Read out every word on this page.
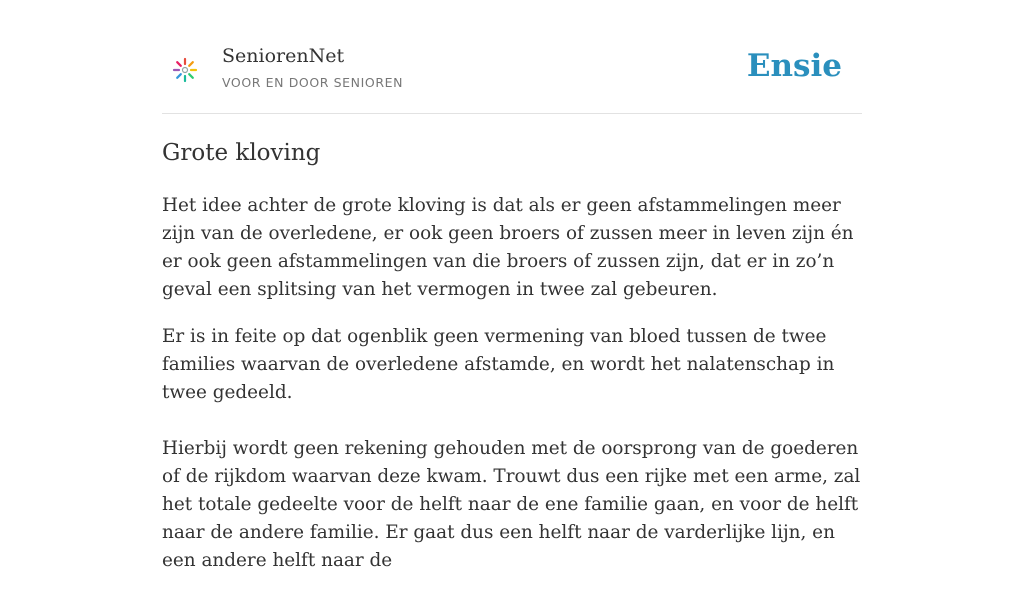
SeniorenNet
VOOR EN DOOR SENIOREN	Ensie
Grote kloving

Het idee achter de grote kloving is dat als er geen afstammelingen meer zijn van de overledene, er ook geen broers of zussen meer in leven zijn én er ook geen afstammelingen van die broers of zussen zijn, dat er in zo’n geval een splitsing van het vermogen in twee zal gebeuren.

Er is in feite op dat ogenblik geen vermening van bloed tussen de twee families waarvan de overledene afstamde, en wordt het nalatenschap in twee gedeeld.

Hierbij wordt geen rekening gehouden met de oorsprong van de goederen of de rijkdom waarvan deze kwam. Trouwt dus een rijke met een arme, zal het totale gedeelte voor de helft naar de ene familie gaan, en voor de helft naar de andere familie. Er gaat dus een helft naar de varderlijke lijn, en een andere helft naar de
